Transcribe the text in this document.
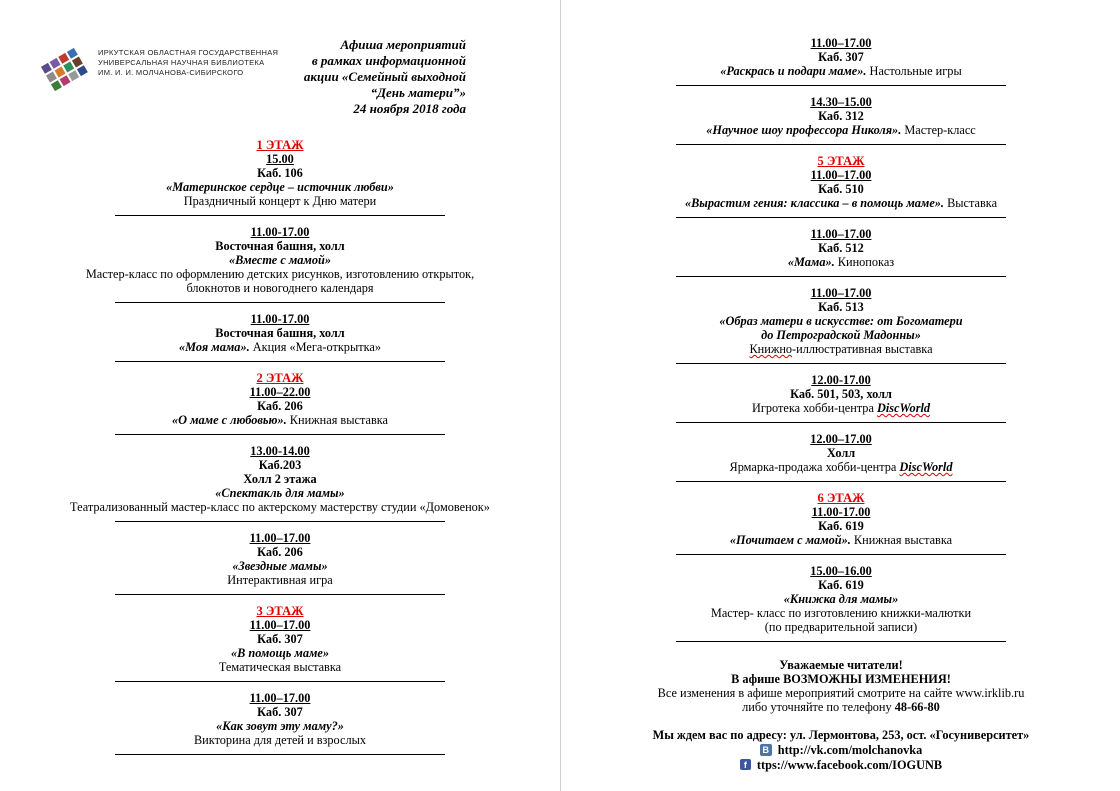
ИРКУТСКАЯ ОБЛАСТНАЯ ГОСУДАРСТВЕННАЯ
УНИВЕРСАЛЬНАЯ НАУЧНАЯ БИБЛИОТЕКА
ИМ. И. И. МОЛЧАНОВА-СИБИРСКОГО
Афиша мероприятий
в рамках информационной
акции «Семейный выходной
“День матери”»
24 ноября 2018 года
1 ЭТАЖ
15.00
Каб. 106
«Материнское сердце – источник любви»
Праздничный концерт к Дню матери
11.00-17.00
Восточная башня, холл
«Вместе с мамой»
Мастер-класс по оформлению детских рисунков, изготовлению открыток,
блокнотов и новогоднего календаря
11.00-17.00
Восточная башня, холл
«Моя мама». Акция «Мега-открытка»
2 ЭТАЖ
11.00–22.00
Каб. 206
«О маме с любовью». Книжная выставка
13.00-14.00
Каб.203
Холл 2 этажа
«Спектакль для мамы»
Театрализованный мастер-класс по актерскому мастерству студии «Домовенок»
11.00–17.00
Каб. 206
«Звездные мамы»
Интерактивная игра
3 ЭТАЖ
11.00–17.00
Каб. 307
«В помощь маме»
Тематическая выставка
11.00–17.00
Каб. 307
«Как зовут эту маму?»
Викторина для детей и взрослых
11.00–17.00
Каб. 307
«Раскрась и подари маме». Настольные игры
14.30–15.00
Каб. 312
«Научное шоу профессора Николя». Мастер-класс
5 ЭТАЖ
11.00–17.00
Каб. 510
«Вырастим гения: классика – в помощь маме». Выставка
11.00–17.00
Каб. 512
«Мама». Кинопоказ
11.00–17.00
Каб. 513
«Образ матери в искусстве: от Богоматери
до Петроградской Мадонны»
Книжно-иллюстративная выставка
12.00-17.00
Каб. 501, 503, холл
Игротека хобби-центра DiscWorld
12.00–17.00
Холл
Ярмарка-продажа хобби-центра DiscWorld
6 ЭТАЖ
11.00-17.00
Каб. 619
«Почитаем с мамой». Книжная выставка
15.00–16.00
Каб. 619
«Книжка для мамы»
Мастер- класс по изготовлению книжки-малютки
(по предварительной записи)
Уважаемые читатели!
В афише ВОЗМОЖНЫ ИЗМЕНЕНИЯ!
Все изменения в афише мероприятий смотрите на сайте www.irklib.ru
либо уточняйте по телефону 48-66-80
Мы ждем вас по адресу: ул. Лермонтова, 253, ост. «Госуниверситет»
B http://vk.com/molchanovka
f ttps://www.facebook.com/IOGUNB
